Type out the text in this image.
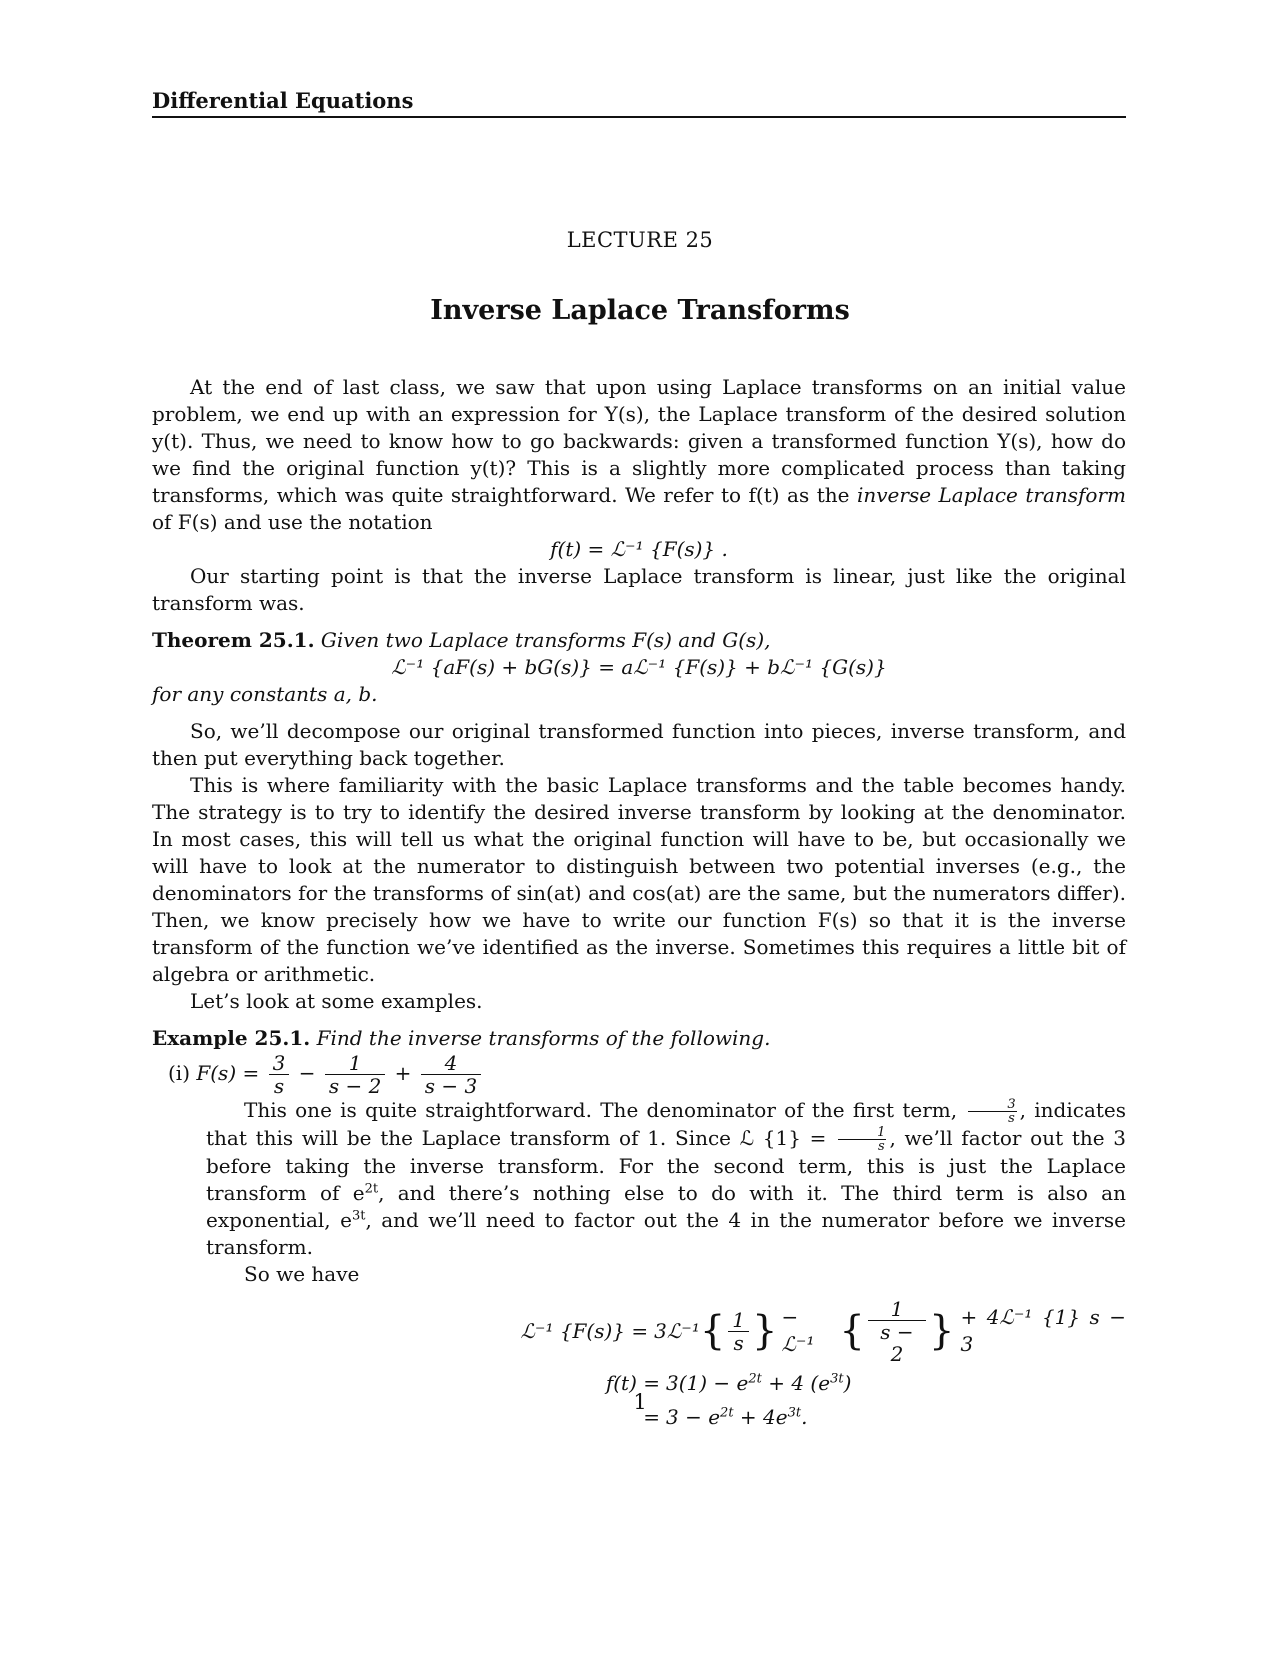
Differential Equations
LECTURE 25
Inverse Laplace Transforms

At the end of last class, we saw that upon using Laplace transforms on an initial value problem, we end up with an expression for Y(s), the Laplace transform of the desired solution y(t). Thus, we need to know how to go backwards: given a transformed function Y(s), how do we find the original function y(t)? This is a slightly more complicated process than taking transforms, which was quite straightforward. We refer to f(t) as the inverse Laplace transform of F(s) and use the notation

f(t) = ℒ⁻¹ {F(s)} .

Our starting point is that the inverse Laplace transform is linear, just like the original transform was.

Theorem 25.1. Given two Laplace transforms F(s) and G(s),

ℒ⁻¹ {aF(s) + bG(s)} = aℒ⁻¹ {F(s)} + bℒ⁻¹ {G(s)}

for any constants a, b.

So, we’ll decompose our original transformed function into pieces, inverse transform, and then put everything back together.

This is where familiarity with the basic Laplace transforms and the table becomes handy. The strategy is to try to identify the desired inverse transform by looking at the denominator. In most cases, this will tell us what the original function will have to be, but occasionally we will have to look at the numerator to distinguish between two potential inverses (e.g., the denominators for the transforms of sin(at) and cos(at) are the same, but the numerators differ). Then, we know precisely how we have to write our function F(s) so that it is the inverse transform of the function we’ve identified as the inverse. Sometimes this requires a little bit of algebra or arithmetic.

Let’s look at some examples.

Example 25.1. Find the inverse transforms of the following.

(i) $F(s) = \frac{3}{s} - \frac{1}{s - 2} + \frac{4}{s - 3}$

This one is quite straightforward. The denominator of the first term, $\frac{3}{s}$ , indicates that this will be the Laplace transform of 1. Since ℒ $\{1\} = \frac{1}{s}$ , we’ll factor out the 3 before taking the inverse transform. For the second term, this is just the Laplace transform of $e^{2t}$, and there’s nothing else to do with it. The third term is also an exponential, $e^{3t}$, and we’ll need to factor out the 4 in the numerator before we inverse transform.

So we have

ℒ⁻¹ {F(s)} = 3ℒ⁻¹ { $\frac{1}{s}$ } − ℒ⁻¹ { $\frac{1}{s - 2}$ } + 4ℒ⁻¹ {1} s − 3
$f(t) = 3(1) - e^{2t} + 4$ $(e^{3t})$
= $3 - e^{2t} + 4e^{3t}$.
1
